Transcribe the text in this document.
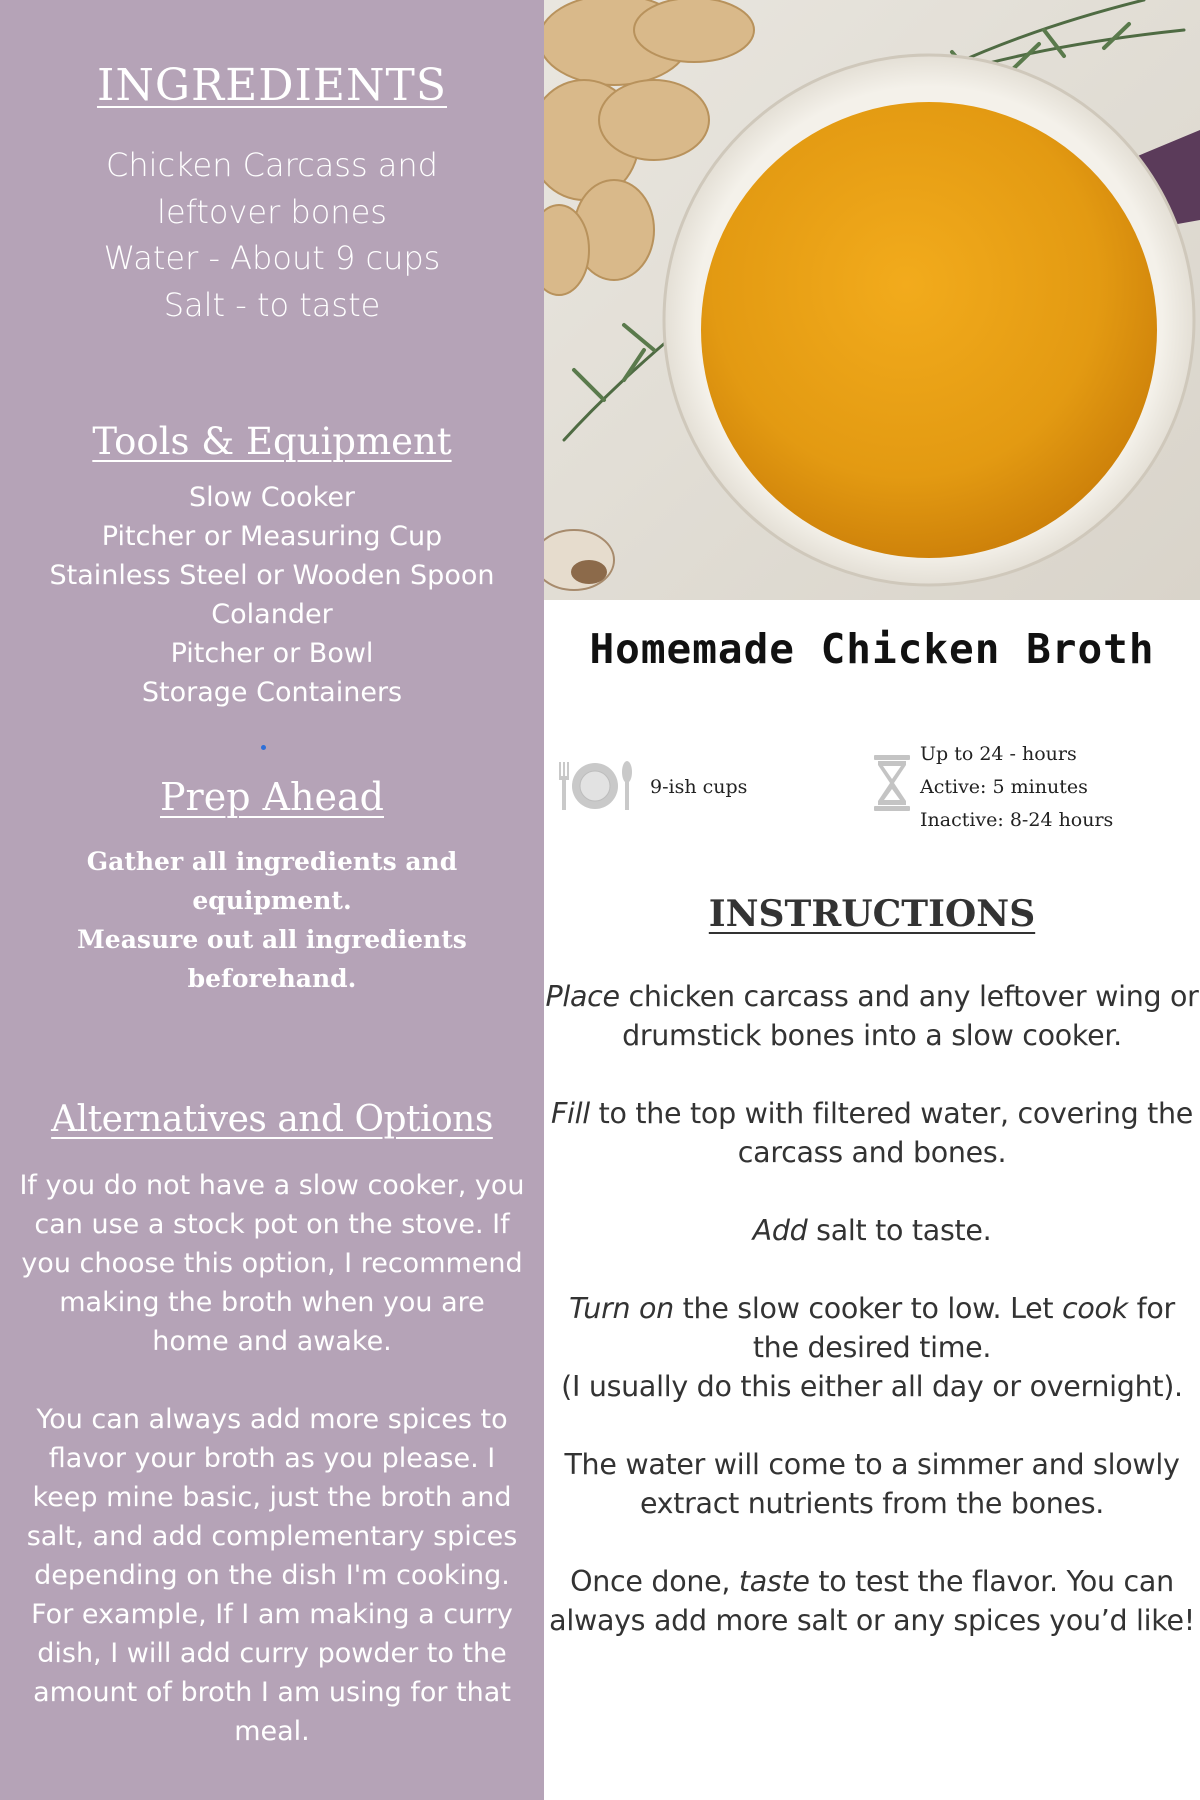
INGREDIENTS
Chicken Carcass and
leftover bones
Water - About 9 cups
Salt - to taste
Tools & Equipment
Slow Cooker
Pitcher or Measuring Cup
Stainless Steel or Wooden Spoon
Colander
Pitcher or Bowl
Storage Containers
Prep Ahead
Gather all ingredients and
equipment.
Measure out all ingredients
beforehand.
Alternatives and Options

If you do not have a slow cooker, you can use a stock pot on the stove. If you choose this option, I recommend making the broth when you are home and awake.

You can always add more spices to flavor your broth as you please. I keep mine basic, just the broth and salt, and add complementary spices depending on the dish I'm cooking. For example, If I am making a curry dish, I will add curry powder to the amount of broth I am using for that meal.

Homemade Chicken Broth
9-ish cups
Up to 24 - hours
Active: 5 minutes
Inactive: 8-24 hours
INSTRUCTIONS

Place chicken carcass and any leftover wing or drumstick bones into a slow cooker.

Fill to the top with filtered water, covering the carcass and bones.

Add salt to taste.

Turn on the slow cooker to low. Let cook for the desired time.
(I usually do this either all day or overnight).

The water will come to a simmer and slowly extract nutrients from the bones.

Once done, taste to test the flavor. You can always add more salt or any spices you’d like!
